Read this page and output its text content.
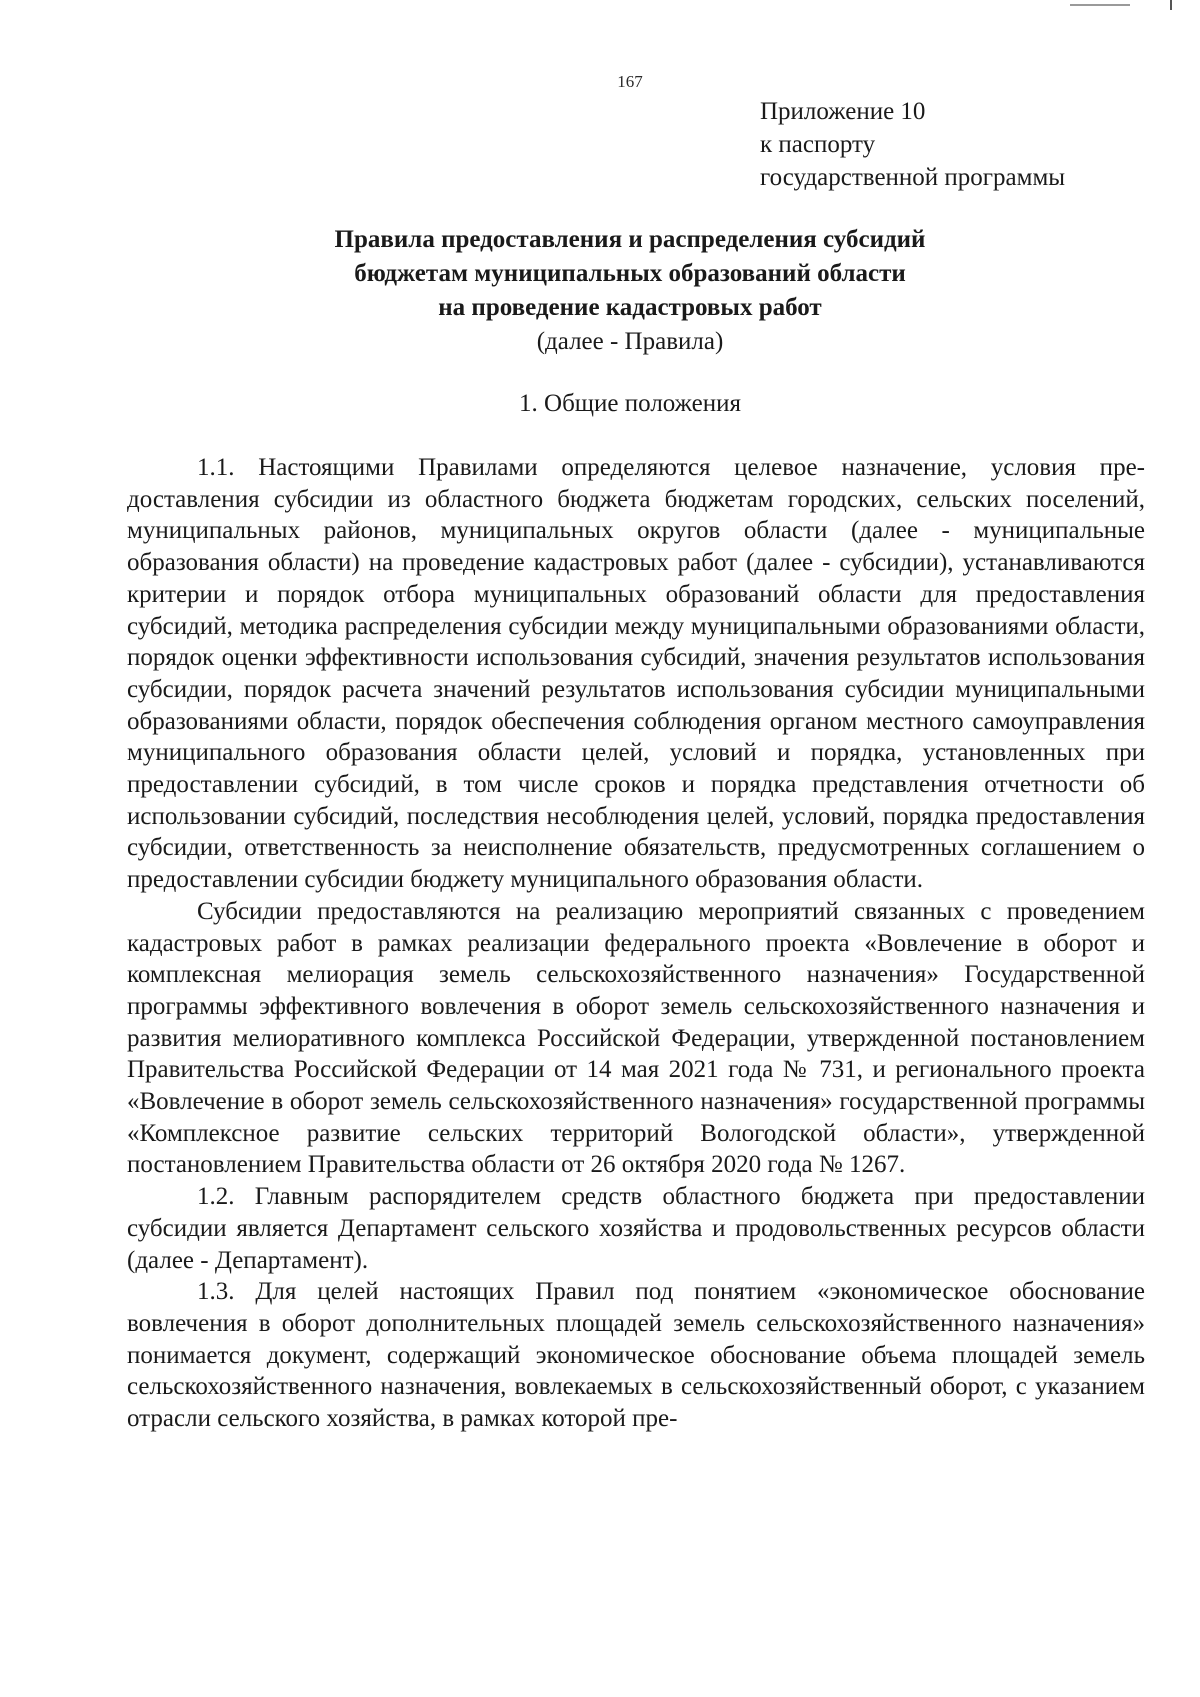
167
Приложение 10
к паспорту
государственной программы
Правила предоставления и распределения субсидий
бюджетам муниципальных образований области
на проведение кадастровых работ
(далее - Правила)
1. Общие положения

1.1. Настоящими Правилами определяются целевое назначение, условия предоставления субсидии из областного бюджета бюджетам городских, сельских поселений, муниципальных районов, муниципальных округов области (далее - муниципальные образования области) на проведение кадастровых работ (далее - субсидии), устанавливаются критерии и порядок отбора муниципальных образований области для предоставления субсидий, методика распределения субсидии между муниципальными образованиями области, порядок оценки эффективности использования субсидий, значения результатов использования субсидии, порядок расчета значений результатов использования субсидии муниципальными образованиями области, порядок обеспечения соблюдения органом местного самоуправления муниципального образования области целей, условий и порядка, установленных при предоставлении субсидий, в том числе сроков и порядка представления отчетности об использовании субсидий, последствия несоблюдения целей, условий, порядка предоставления субсидии, ответственность за неисполнение обязательств, предусмотренных соглашением о предоставлении субсидии бюджету муниципального образования области.

Субсидии предоставляются на реализацию мероприятий связанных с проведением кадастровых работ в рамках реализации федерального проекта «Вовлечение в оборот и комплексная мелиорация земель сельскохозяйственного назначения» Государственной программы эффективного вовлечения в оборот земель сельскохозяйственного назначения и развития мелиоративного комплекса Российской Федерации, утвержденной постановлением Правительства Российской Федерации от 14 мая 2021 года № 731, и регионального проекта «Вовлечение в оборот земель сельскохозяйственного назначения» государственной программы «Комплексное развитие сельских территорий Вологодской области», утвержденной постановлением Правительства области от 26 октября 2020 года № 1267.

1.2. Главным распорядителем средств областного бюджета при предоставлении субсидии является Департамент сельского хозяйства и продовольственных ресурсов области (далее - Департамент).

1.3. Для целей настоящих Правил под понятием «экономическое обоснование вовлечения в оборот дополнительных площадей земель сельскохозяйственного назначения» понимается документ, содержащий экономическое обоснование объема площадей земель сельскохозяйственного назначения, вовлекаемых в сельскохозяйственный оборот, с указанием отрасли сельского хозяйства, в рамках которой пре-
